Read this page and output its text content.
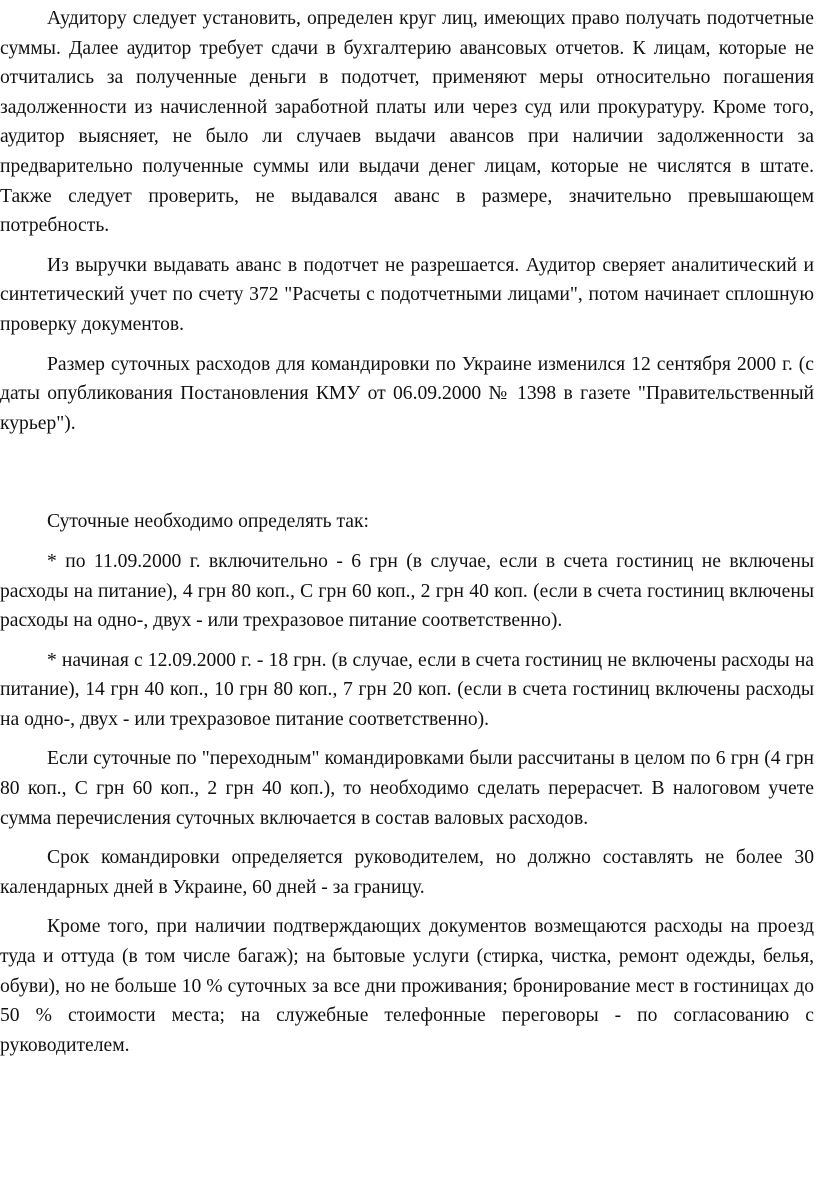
Аудитору следует установить, определен круг лиц, имеющих право получать подотчетные суммы. Далее аудитор требует сдачи в бухгалтерию авансовых отчетов. К лицам, которые не отчитались за полученные деньги в подотчет, применяют меры относительно погашения задолженности из начисленной заработной платы или через суд или прокуратуру. Кроме того, аудитор выясняет, не было ли случаев выдачи авансов при наличии задолженности за предварительно полученные суммы или выдачи денег лицам, которые не числятся в штате. Также следует проверить, не выдавался аванс в размере, значительно превышающем потребность.

Из выручки выдавать аванс в подотчет не разрешается. Аудитор сверяет аналитический и синтетический учет по счету 372 "Расчеты с подотчетными лицами", потом начинает сплошную проверку документов.

Размер суточных расходов для командировки по Украине изменился 12 сентября 2000 г. (с даты опубликования Постановления КМУ от 06.09.2000 № 1398 в газете "Правительственный курьер").

Суточные необходимо определять так:

* по 11.09.2000 г. включительно - 6 грн (в случае, если в счета гостиниц не включены расходы на питание), 4 грн 80 коп., С грн 60 коп., 2 грн 40 коп. (если в счета гостиниц включены расходы на одно-, двух - или трехразовое питание соответственно).

* начиная с 12.09.2000 г. - 18 грн. (в случае, если в счета гостиниц не включены расходы на питание), 14 грн 40 коп., 10 грн 80 коп., 7 грн 20 коп. (если в счета гостиниц включены расходы на одно-, двух - или трехразовое питание соответственно).

Если суточные по "переходным" командировками были рассчитаны в целом по 6 грн (4 грн 80 коп., С грн 60 коп., 2 грн 40 коп.), то необходимо сделать перерасчет. В налоговом учете сумма перечисления суточных включается в состав валовых расходов.

Срок командировки определяется руководителем, но должно составлять не более 30 календарных дней в Украине, 60 дней - за границу.

Кроме того, при наличии подтверждающих документов возмещаются расходы на проезд туда и оттуда (в том числе багаж); на бытовые услуги (стирка, чистка, ремонт одежды, белья, обуви), но не больше 10 % суточных за все дни проживания; бронирование мест в гостиницах до 50 % стоимости места; на служебные телефонные переговоры - по согласованию с руководителем.
